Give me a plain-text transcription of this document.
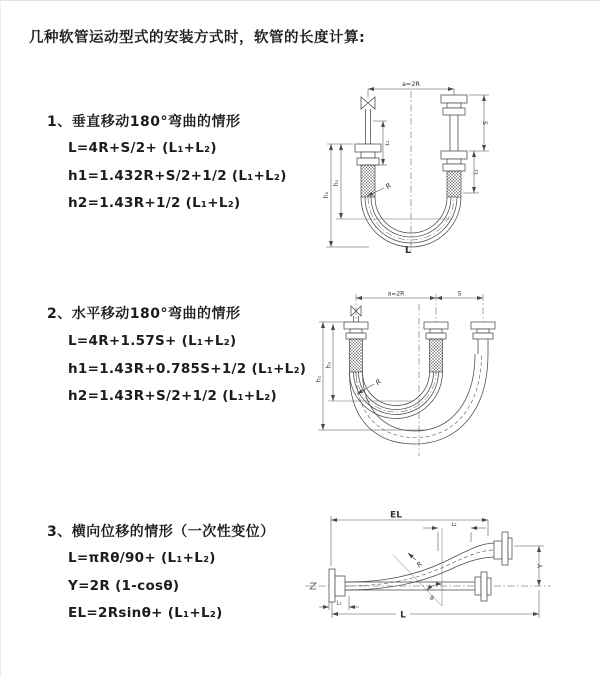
几种软管运动型式的安装方式时，软管的长度计算:
1、垂直移动180°弯曲的情形
L=4R+S/2+ (L₁+L₂)
h1=1.432R+S/2+1/2 (L₁+L₂)
h2=1.43R+1/2 (L₁+L₂)
2、水平移动180°弯曲的情形
L=4R+1.57S+ (L₁+L₂)
h1=1.43R+0.785S+1/2 (L₁+L₂)
h2=1.43R+S/2+1/2 (L₁+L₂)
3、横向位移的情形（一次性变位）
L=πRθ/90+ (L₁+L₂)
Y=2R (1-cosθ)
EL=2Rsinθ+ (L₁+L₂)
a=2R
h₂
h₁
L₁
S
L₂
R
L
a=2R	S
h₂
h₁
R
θ
R
EL
L₂
Y
L₁
L
